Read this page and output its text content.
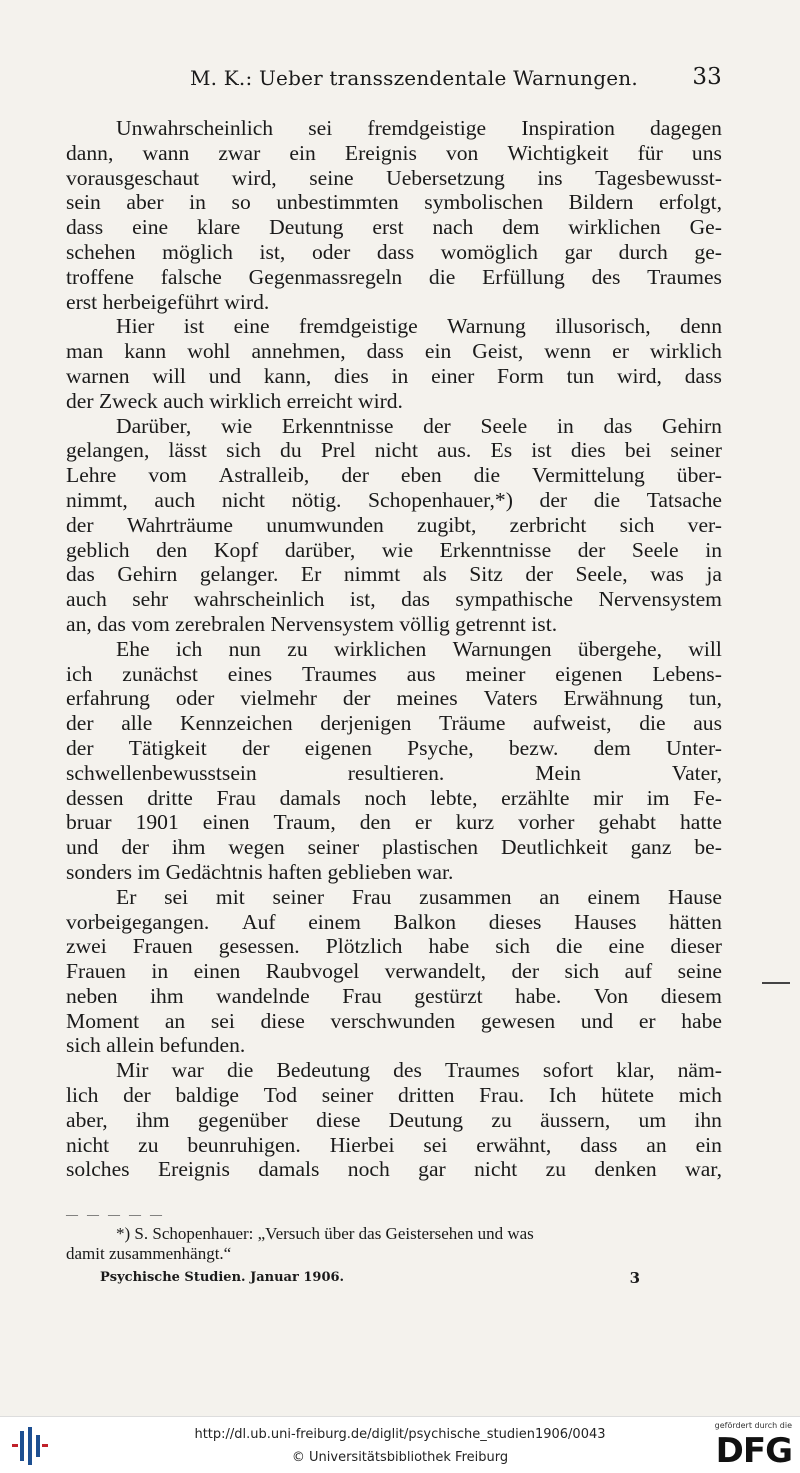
M. K.: Ueber transszendentale Warnungen. 33
Unwahrscheinlich sei fremdgeistige Inspiration dagegen
dann, wann zwar ein Ereignis von Wichtigkeit für uns
vorausgeschaut wird, seine Uebersetzung ins Tagesbewusst-
sein aber in so unbestimmten symbolischen Bildern erfolgt,
dass eine klare Deutung erst nach dem wirklichen Ge-
schehen möglich ist, oder dass womöglich gar durch ge-
troffene falsche Gegenmassregeln die Erfüllung des Traumes
erst herbeigeführt wird.
Hier ist eine fremdgeistige Warnung illusorisch, denn
man kann wohl annehmen, dass ein Geist, wenn er wirklich
warnen will und kann, dies in einer Form tun wird, dass
der Zweck auch wirklich erreicht wird.
Darüber, wie Erkenntnisse der Seele in das Gehirn
gelangen, lässt sich du Prel nicht aus. Es ist dies bei seiner
Lehre vom Astralleib, der eben die Vermittelung über-
nimmt, auch nicht nötig. Schopenhauer,*) der die Tatsache
der Wahrträume unumwunden zugibt, zerbricht sich ver-
geblich den Kopf darüber, wie Erkenntnisse der Seele in
das Gehirn gelanger. Er nimmt als Sitz der Seele, was ja
auch sehr wahrscheinlich ist, das sympathische Nervensystem
an, das vom zerebralen Nervensystem völlig getrennt ist.
Ehe ich nun zu wirklichen Warnungen übergehe, will
ich zunächst eines Traumes aus meiner eigenen Lebens-
erfahrung oder vielmehr der meines Vaters Erwähnung tun,
der alle Kennzeichen derjenigen Träume aufweist, die aus
der Tätigkeit der eigenen Psyche, bezw. dem Unter-
schwellenbewusstsein	resultieren.	Mein	Vater,
dessen dritte Frau damals noch lebte, erzählte mir im Fe-
bruar 1901 einen Traum, den er kurz vorher gehabt hatte
und der ihm wegen seiner plastischen Deutlichkeit ganz be-
sonders im Gedächtnis haften geblieben war.
Er sei mit seiner Frau zusammen an einem Hause
vorbeigegangen. Auf einem Balkon dieses Hauses hätten
zwei Frauen gesessen. Plötzlich habe sich die eine dieser
Frauen in einen Raubvogel verwandelt, der sich auf seine
neben ihm wandelnde Frau gestürzt habe. Von diesem
Moment an sei diese verschwunden gewesen und er habe
sich allein befunden.
Mir war die Bedeutung des Traumes sofort klar, näm-
lich der baldige Tod seiner dritten Frau. Ich hütete mich
aber, ihm gegenüber diese Deutung zu äussern, um ihn
nicht zu beunruhigen. Hierbei sei erwähnt, dass an ein
solches Ereignis damals noch gar nicht zu denken war,
— — — — —
*) S. Schopenhauer: „Versuch über das Geistersehen und was
damit zusammenhängt.“
Psychische Studien. Januar 1906.	3
http://dl.ub.uni-freiburg.de/diglit/psychische_studien1906/0043
© Universitätsbibliothek Freiburg
gefördert durch die
DFG
